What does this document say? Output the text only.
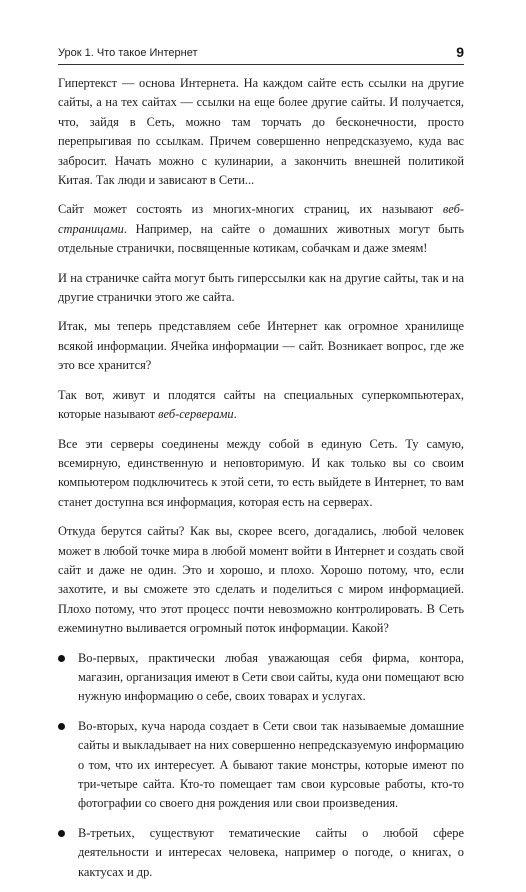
Урок 1. Что такое Интернет	9

Гипертекст — основа Интернета. На каждом сайте есть ссылки на другие сайты, а на тех сайтах — ссылки на еще более другие сайты. И получается, что, зайдя в Сеть, можно там торчать до бесконечности, просто перепрыгивая по ссылкам. Причем совершенно непредсказуемо, куда вас забросит. Начать можно с кулинарии, а закончить внешней политикой Китая. Так люди и зависают в Сети...

Сайт может состоять из многих-многих страниц, их называют веб-страницами. Например, на сайте о домашних животных могут быть отдельные странички, посвященные котикам, собачкам и даже змеям!

И на страничке сайта могут быть гиперссылки как на другие сайты, так и на другие странички этого же сайта.

Итак, мы теперь представляем себе Интернет как огромное хранилище всякой информации. Ячейка информации — сайт. Возникает вопрос, где же это все хранится?

Так вот, живут и плодятся сайты на специальных суперкомпьютерах, которые называют веб-серверами.

Все эти серверы соединены между собой в единую Сеть. Ту самую, всемирную, единственную и неповторимую. И как только вы со своим компьютером подключитесь к этой сети, то есть выйдете в Интернет, то вам станет доступна вся информация, которая есть на серверах.

Откуда берутся сайты? Как вы, скорее всего, догадались, любой человек может в любой точке мира в любой момент войти в Интернет и создать свой сайт и даже не один. Это и хорошо, и плохо. Хорошо потому, что, если захотите, и вы сможете это сделать и поделиться с миром информацией. Плохо потому, что этот процесс почти невозможно контролировать. В Сеть ежеминутно выливается огромный поток информации. Какой?

Во-первых, практически любая уважающая себя фирма, контора, магазин, организация имеют в Сети свои сайты, куда они помещают всю нужную информацию о себе, своих товарах и услугах.
Во-вторых, куча народа создает в Сети свои так называемые домашние сайты и выкладывает на них совершенно непредсказуемую информацию о том, что их интересует. А бывают такие монстры, которые имеют по три-четыре сайта. Кто-то помещает там свои курсовые работы, кто-то фотографии со своего дня рождения или свои произведения.
В-третьих, существуют тематические сайты о любой сфере деятельности и интересах человека, например о погоде, о книгах, о кактусах и др.
